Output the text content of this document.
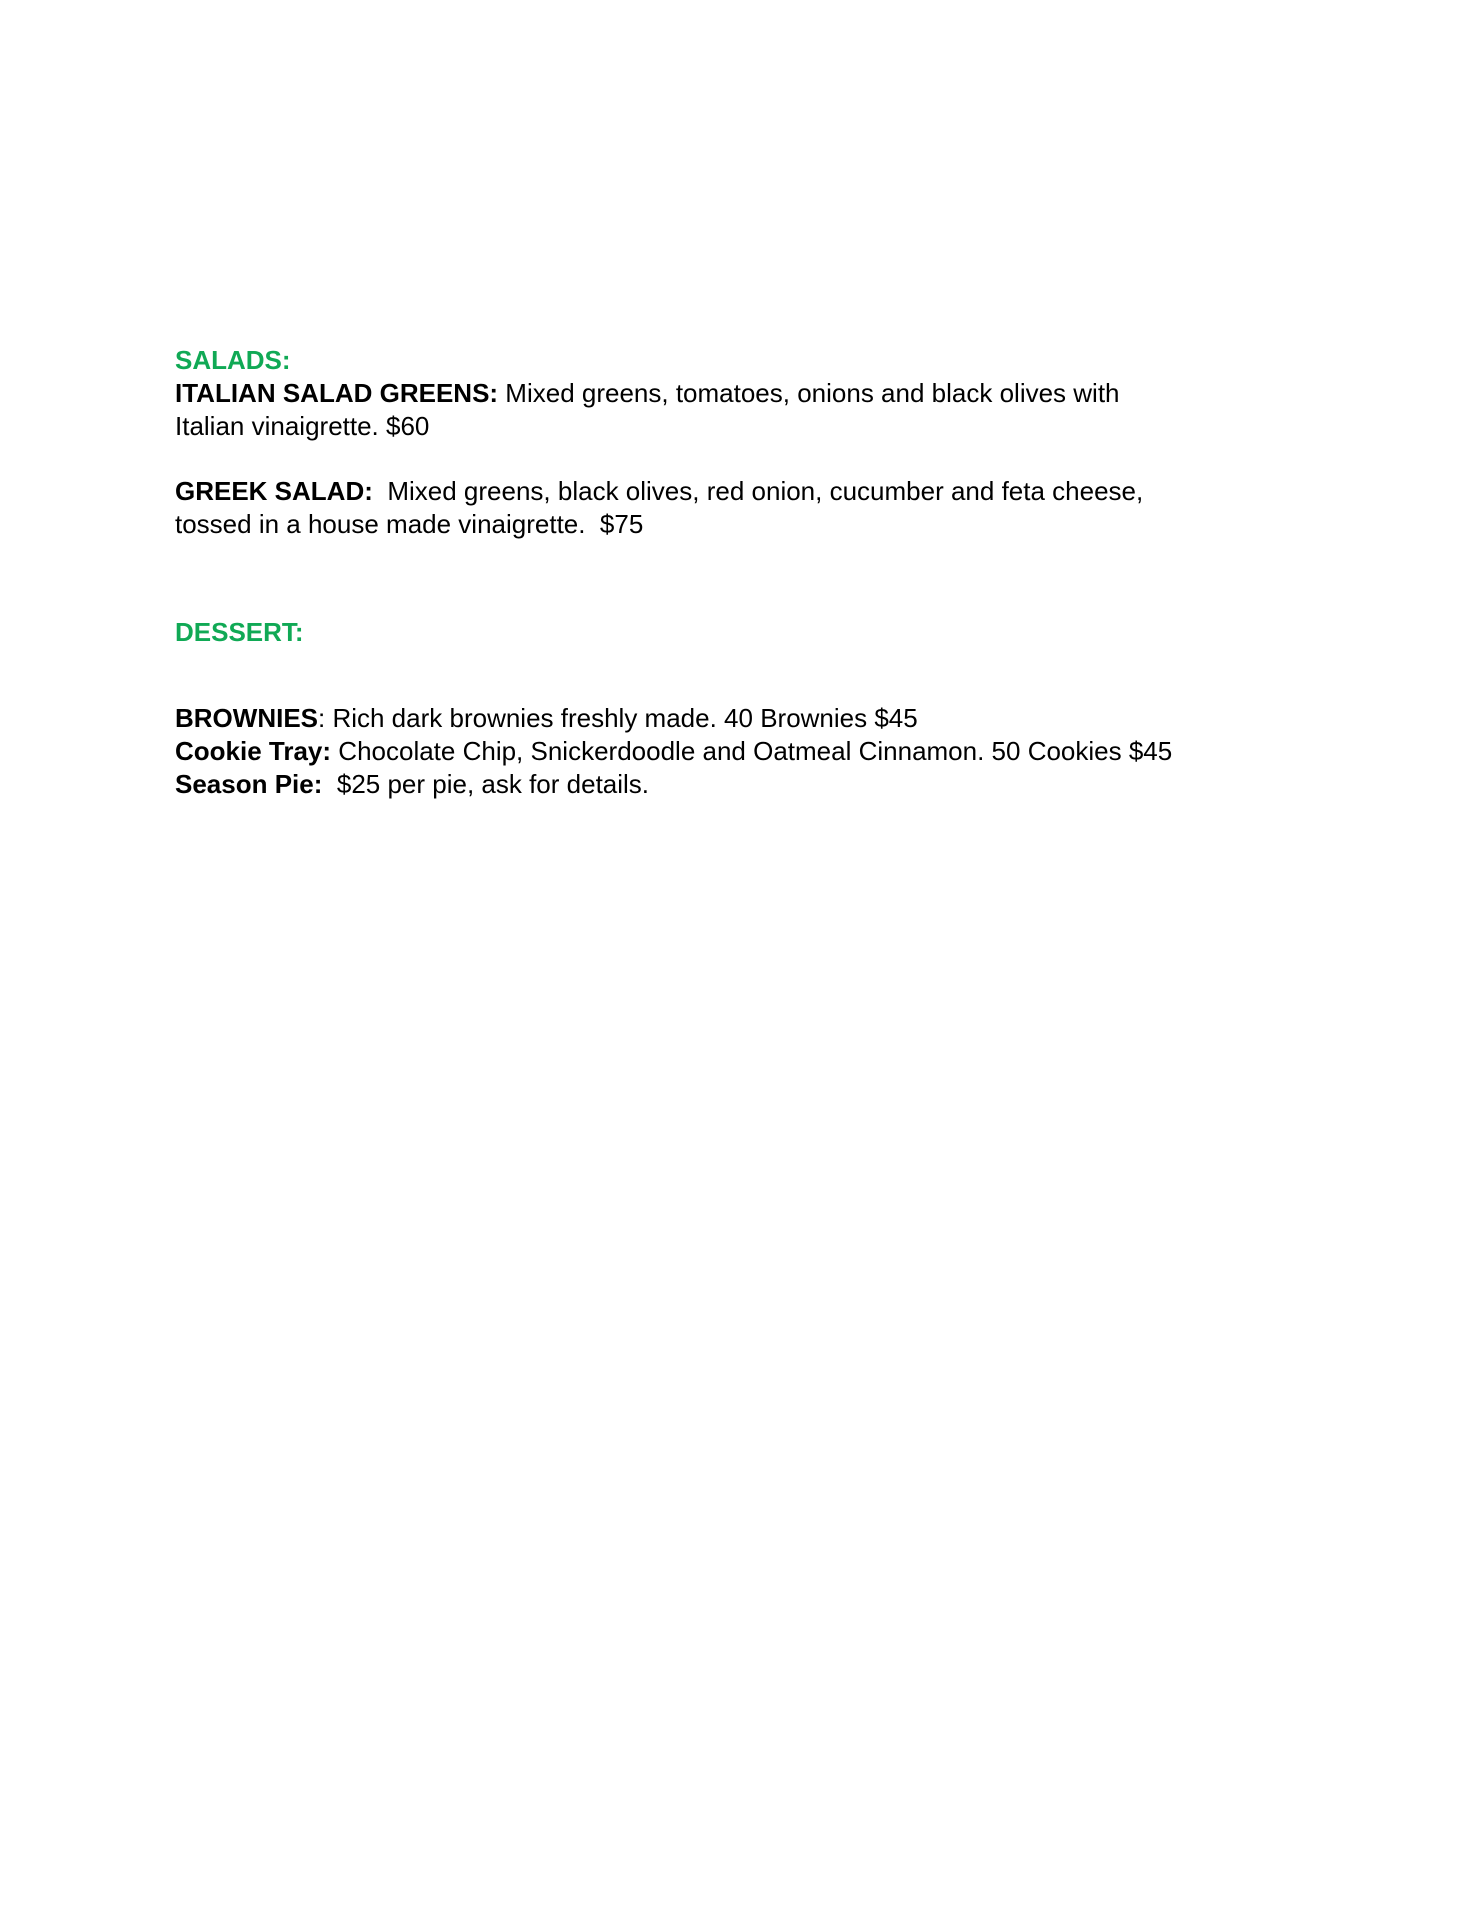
SALADS:

ITALIAN SALAD GREENS: Mixed greens, tomatoes, onions and black olives with
Italian vinaigrette. $60

GREEK SALAD:  Mixed greens, black olives, red onion, cucumber and feta cheese,
tossed in a house made vinaigrette.  $75

DESSERT:

BROWNIES: Rich dark brownies freshly made. 40 Brownies $45

Cookie Tray: Chocolate Chip, Snickerdoodle and Oatmeal Cinnamon. 50 Cookies $45

Season Pie:  $25 per pie, ask for details.
